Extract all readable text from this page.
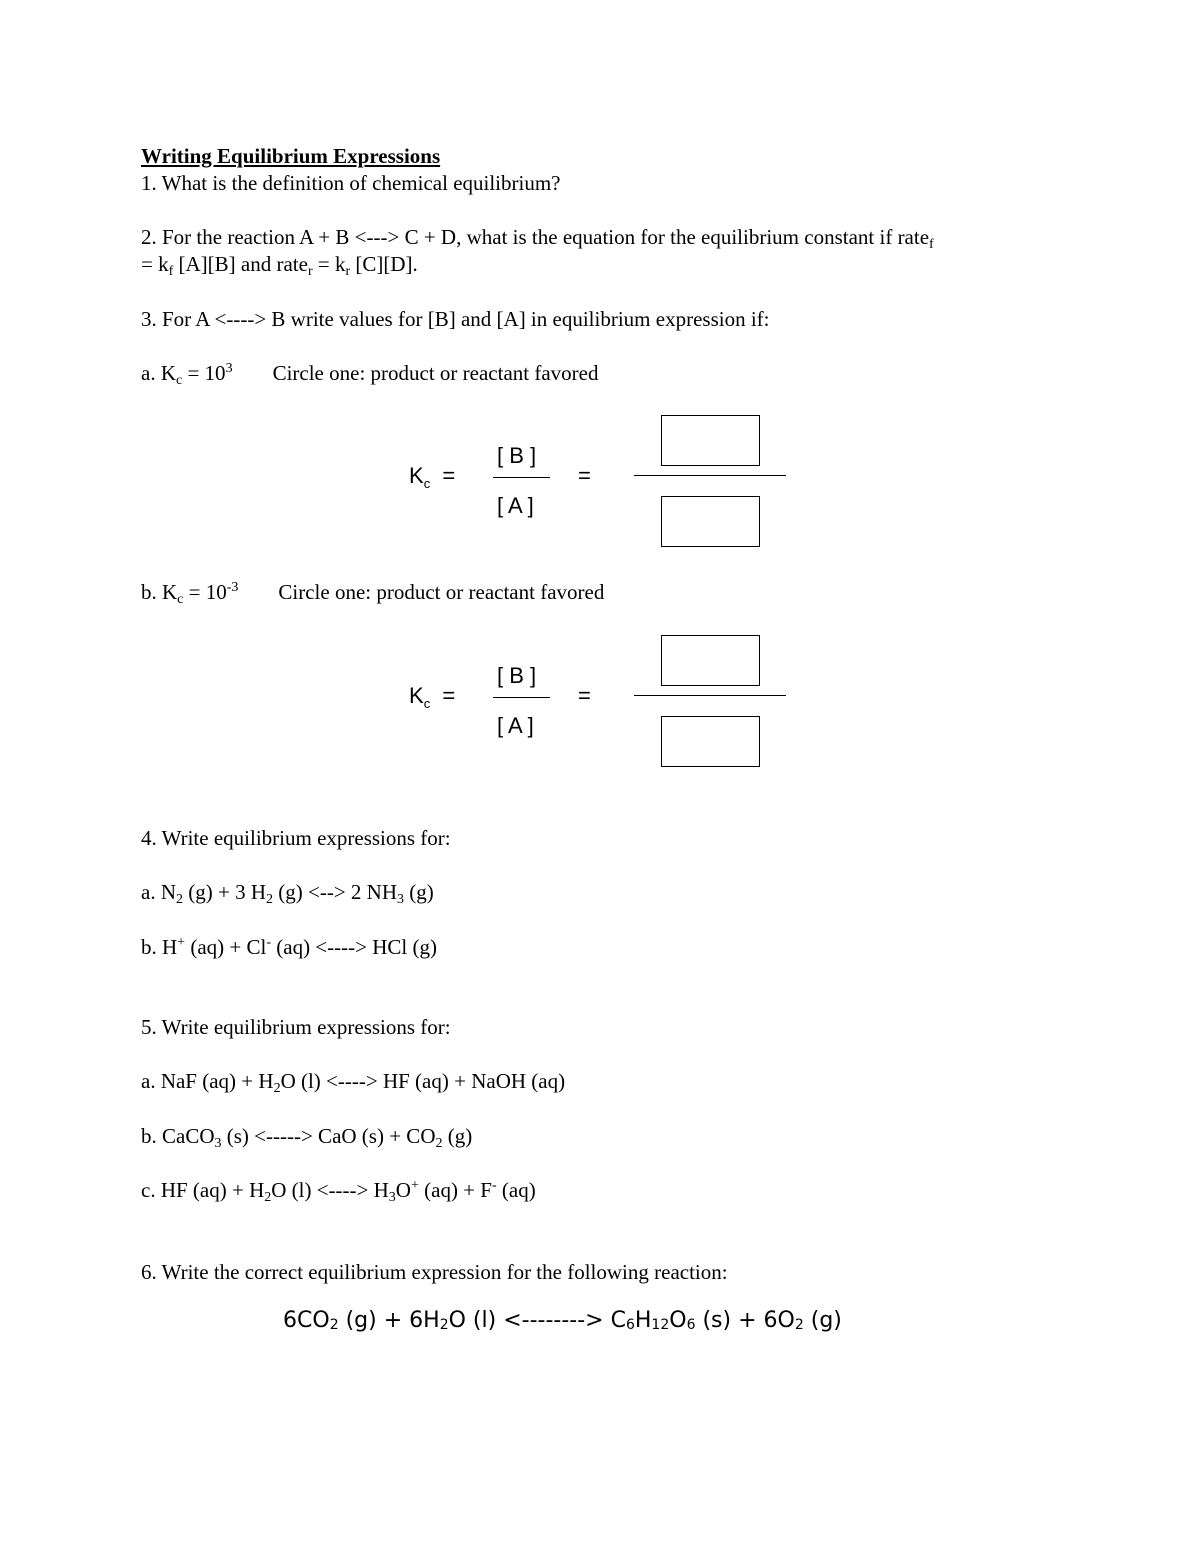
Writing Equilibrium Expressions
1. What is the definition of chemical equilibrium?
2. For the reaction A + B <---> C + D, what is the equation for the equilibrium constant if rate$_f$
= $k_f$ [A][B] and rate$_r$ = $k_r$ [C][D].
3. For A <----> B write values for [B] and [A] in equilibrium expression if:
a. $K_c = 10^3$ Circle one: product or reactant favored
$K_c$ =
[ B ]
[ A ]
=
b. $K_c = 10^{-3}$ Circle one: product or reactant favored
$K_c$ =
[ B ]
[ A ]
=
4. Write equilibrium expressions for:
a. $N_2$ (g) + 3 $H_2$ (g) <--> 2 $NH_3$ (g)
b. H+ (aq) + Cl- (aq) <----> HCl (g)
5. Write equilibrium expressions for:
a. NaF $(aq) + H_2O$ (l) <----> HF (aq) + NaOH (aq)
b. CaCO$_3$ (s) <-----> CaO $(s) + CO_2$ (g)
c. HF $(aq) + H_2O$ (l) <----> $H_3O^+$ (aq) + F- (aq)
6. Write the correct equilibrium expression for the following reaction:
$6CO_2$ $(g) + 6H_2O$ (l) <--------> $C_6H_{12}O_6$ $(s) + 6O_2$ (g)
